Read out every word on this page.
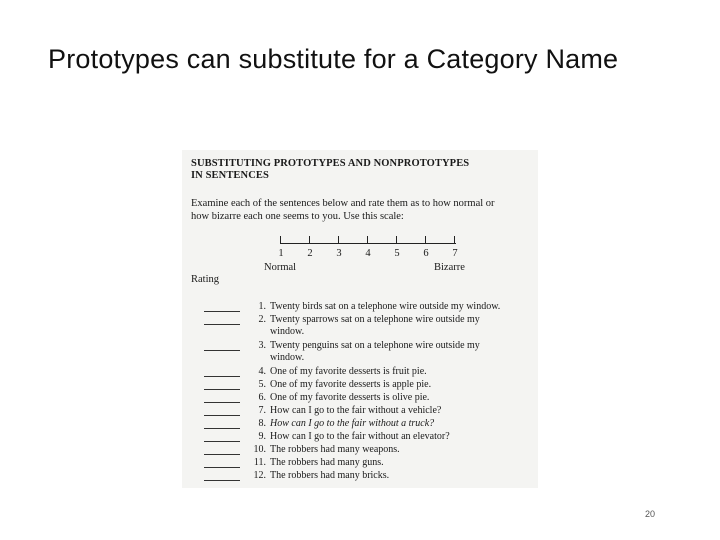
Prototypes can substitute for a Category Name
SUBSTITUTING PROTOTYPES AND NONPROTOTYPES
IN SENTENCES
Examine each of the sentences below and rate them as to how normal or
how bizarre each one seems to you. Use this scale:
1	2	3	4	5	6	7
Normal	Bizarre
Rating
1. Twenty birds sat on a telephone wire outside my window.
2. Twenty sparrows sat on a telephone wire outside my
window.
3. Twenty penguins sat on a telephone wire outside my
window.
4. One of my favorite desserts is fruit pie.
5. One of my favorite desserts is apple pie.
6. One of my favorite desserts is olive pie.
7. How can I go to the fair without a vehicle?
8. How can I go to the fair without a truck?
9. How can I go to the fair without an elevator?
10. The robbers had many weapons.
11. The robbers had many guns.
12. The robbers had many bricks.
20
